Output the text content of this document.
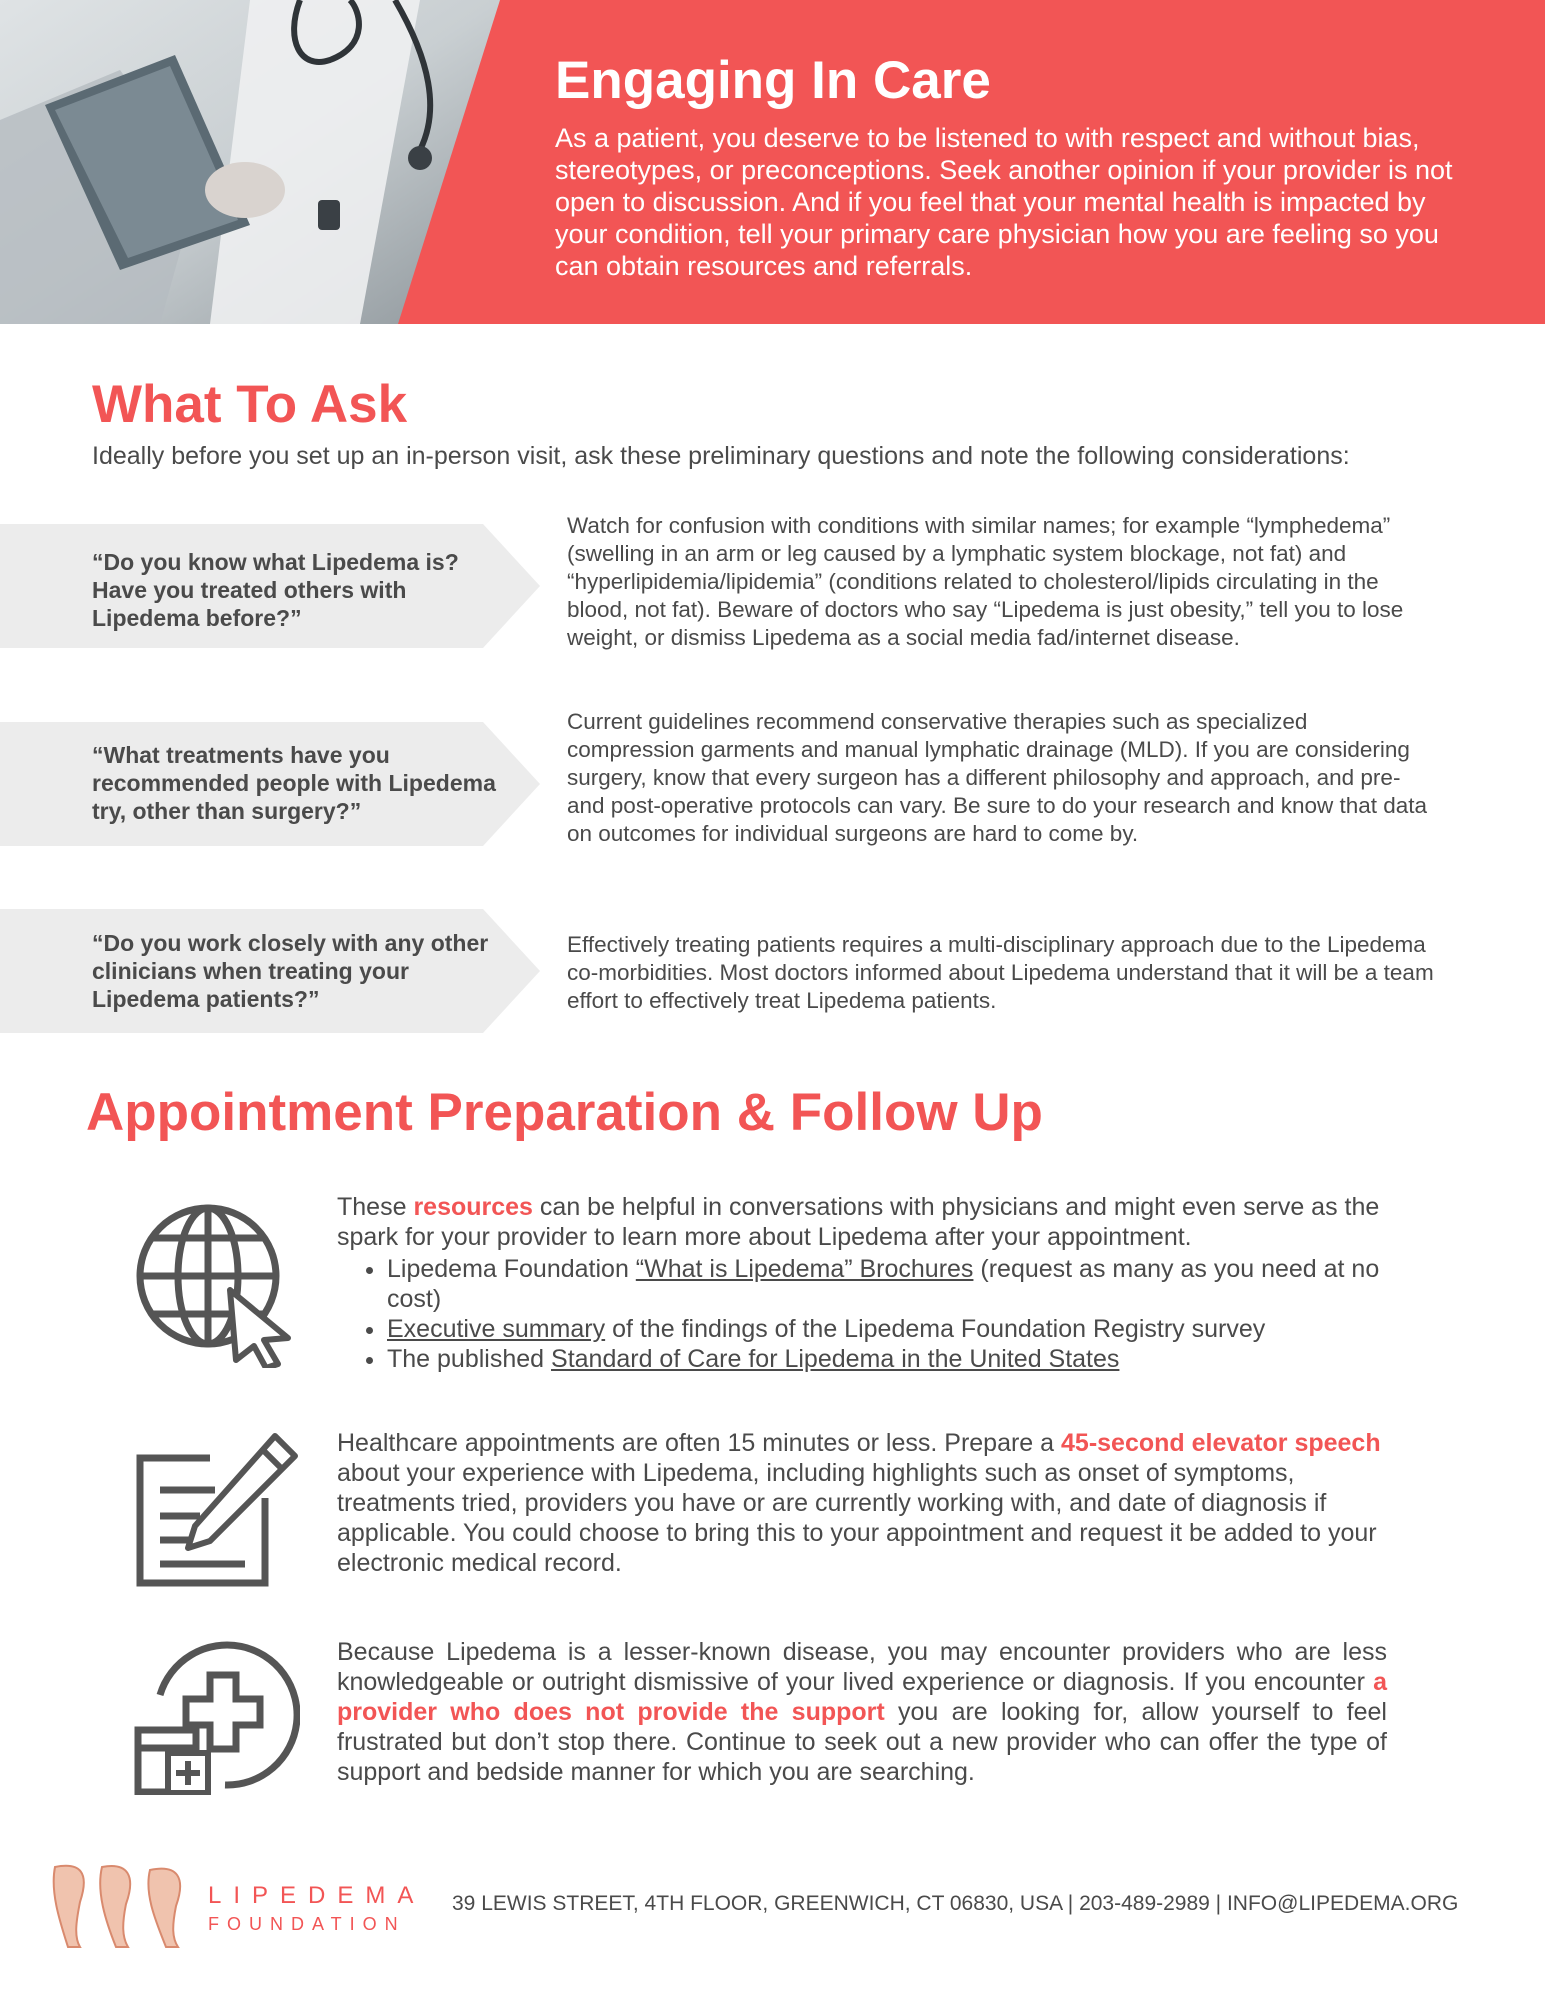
Engaging In Care

As a patient, you deserve to be listened to with respect and without bias, stereotypes, or preconceptions. Seek another opinion if your provider is not open to discussion. And if you feel that your mental health is impacted by your condition, tell your primary care physician how you are feeling so you can obtain resources and referrals.

What To Ask

Ideally before you set up an in-person visit, ask these preliminary questions and note the following considerations:

“Do you know what Lipedema is? Have you treated others with Lipedema before?”

Watch for confusion with conditions with similar names; for example “lymphedema” (swelling in an arm or leg caused by a lymphatic system blockage, not fat) and “hyperlipidemia/lipidemia” (conditions related to cholesterol/lipids circulating in the blood, not fat). Beware of doctors who say “Lipedema is just obesity,” tell you to lose weight, or dismiss Lipedema as a social media fad/internet disease.

“What treatments have you recommended people with Lipedema try, other than surgery?”

Current guidelines recommend conservative therapies such as specialized compression garments and manual lymphatic drainage (MLD). If you are considering surgery, know that every surgeon has a different philosophy and approach, and pre- and post-operative protocols can vary. Be sure to do your research and know that data on outcomes for individual surgeons are hard to come by.

“Do you work closely with any other clinicians when treating your Lipedema patients?”

Effectively treating patients requires a multi-disciplinary approach due to the Lipedema co-morbidities. Most doctors informed about Lipedema understand that it will be a team effort to effectively treat Lipedema patients.

Appointment Preparation & Follow Up
These resources can be helpful in conversations with physicians and might even serve as the spark for your provider to learn more about Lipedema after your appointment.
• Lipedema Foundation “What is Lipedema” Brochures (request as many as you need at no cost)
• Executive summary of the findings of the Lipedema Foundation Registry survey
• The published Standard of Care for Lipedema in the United States
Healthcare appointments are often 15 minutes or less. Prepare a 45-second elevator speech about your experience with Lipedema, including highlights such as onset of symptoms, treatments tried, providers you have or are currently working with, and date of diagnosis if applicable. You could choose to bring this to your appointment and request it be added to your electronic medical record.
Because Lipedema is a lesser-known disease, you may encounter providers who are less knowledgeable or outright dismissive of your lived experience or diagnosis. If you encounter a provider who does not provide the support you are looking for, allow yourself to feel frustrated but don’t stop there. Continue to seek out a new provider who can offer the type of support and bedside manner for which you are searching.

LIPEDEMA

FOUNDATION

39 LEWIS STREET, 4TH FLOOR, GREENWICH, CT 06830, USA | 203-489-2989 | INFO@LIPEDEMA.ORG
